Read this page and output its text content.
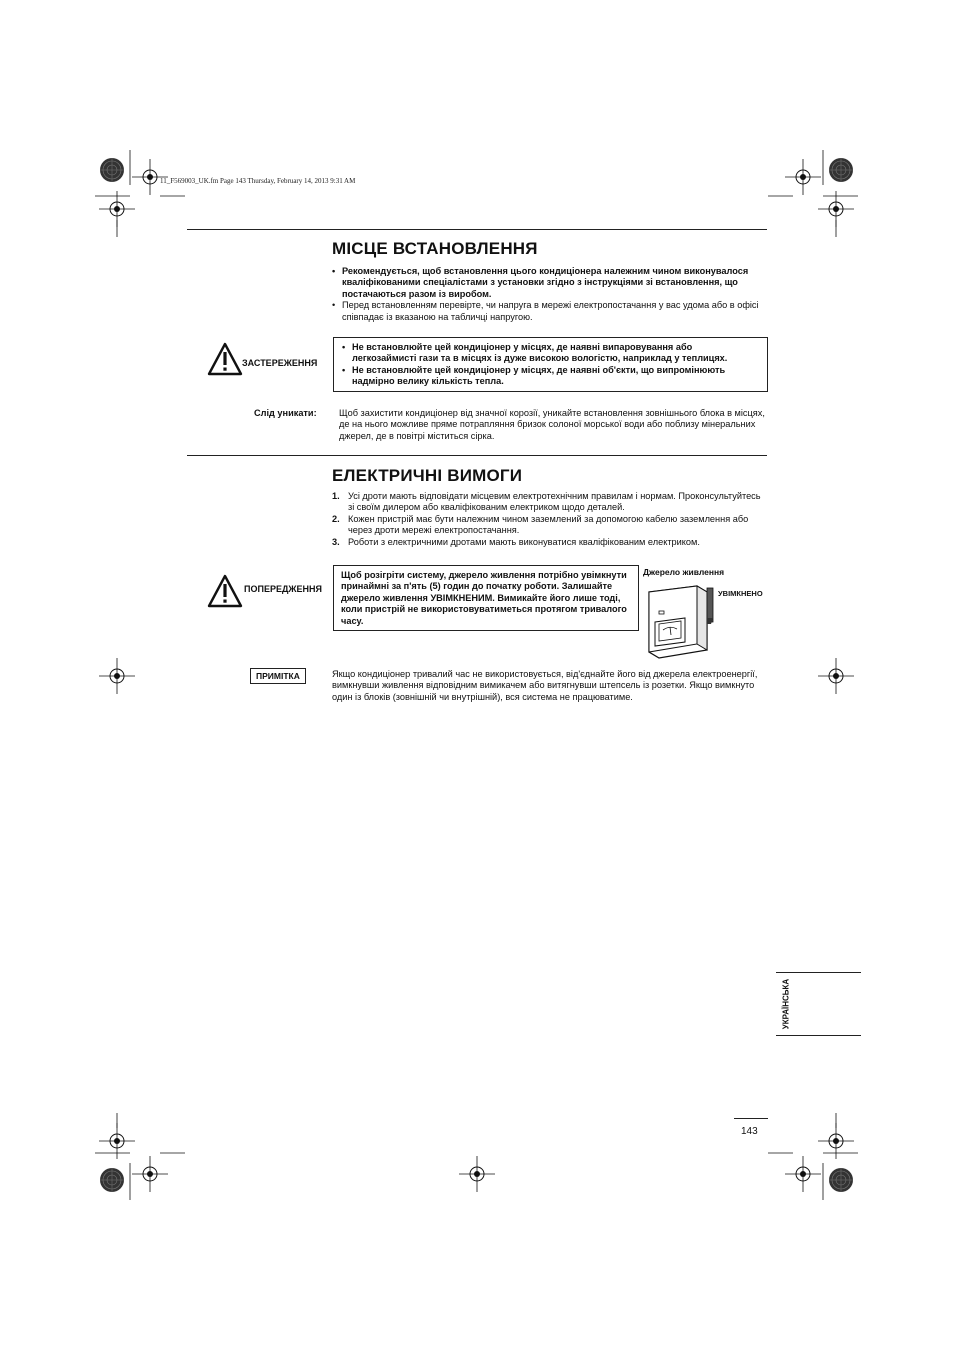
11_F569003_UK.fm Page 143 Thursday, February 14, 2013 9:31 AM
МІСЦЕ ВСТАНОВЛЕННЯ
• Рекомендується, щоб встановлення цього кондиціонера належним чином виконувалося кваліфікованими спеціалістами з установки згідно з інструкціями зі встановлення, що постачаються разом із виробом.
• Перед встановленням перевірте, чи напруга в мережі електропостачання у вас удома або в офісі співпадає із вказаною на табличці напругою.
ЗАСТЕРЕЖЕННЯ
• Не встановлюйте цей кондиціонер у місцях, де наявні випаровування або легкозаймисті гази та в місцях із дуже високою вологістю, наприклад у теплицях.
• Не встановлюйте цей кондиціонер у місцях, де наявні об'єкти, що випромінюють надмірно велику кількість тепла.
Слід уникати: Щоб захистити кондиціонер від значної корозії, уникайте встановлення зовнішнього блока в місцях, де на нього можливе пряме потрапляння бризок солоної морської води або поблизу мінеральних джерел, де в повітрі міститься сірка.
ЕЛЕКТРИЧНІ ВИМОГИ
1. Усі дроти мають відповідати місцевим електротехнічним правилам і нормам. Проконсультуйтесь зі своїм дилером або кваліфікованим електриком щодо деталей.
2. Кожен пристрій має бути належним чином заземлений за допомогою кабелю заземлення або через дроти мережі електропостачання.
3. Роботи з електричними дротами мають виконуватися кваліфікованим електриком.
ПОПЕРЕДЖЕННЯ
Щоб розігріти систему, джерело живлення потрібно увімкнути принаймні за п'ять (5) годин до початку роботи. Залишайте джерело живлення УВІМКНЕНИМ. Вимикайте його лише тоді, коли пристрій не використовуватиметься протягом тривалого часу.
Джерело живлення
УВІМКНЕНО
ПРИМІТКА	Якщо кондиціонер тривалий час не використовується, від'єднайте його від джерела електроенергії, вимкнувши живлення відповідним вимикачем або витягнувши штепсель із розетки. Якщо вимкнуто один із блоків (зовнішній чи внутрішній), вся система не працюватиме.
УКРАЇНСЬКА
143
